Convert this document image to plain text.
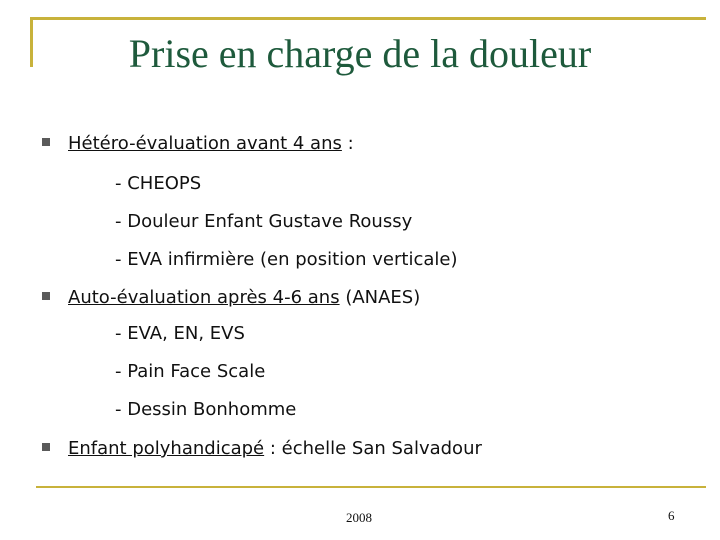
Prise en charge de la douleur
Hétéro-évaluation avant 4 ans :
- CHEOPS
- Douleur Enfant Gustave Roussy
- EVA infirmière (en position verticale)
Auto-évaluation après 4-6 ans (ANAES)
- EVA, EN, EVS
- Pain Face Scale
- Dessin Bonhomme
Enfant polyhandicapé : échelle San Salvadour
2008	6
